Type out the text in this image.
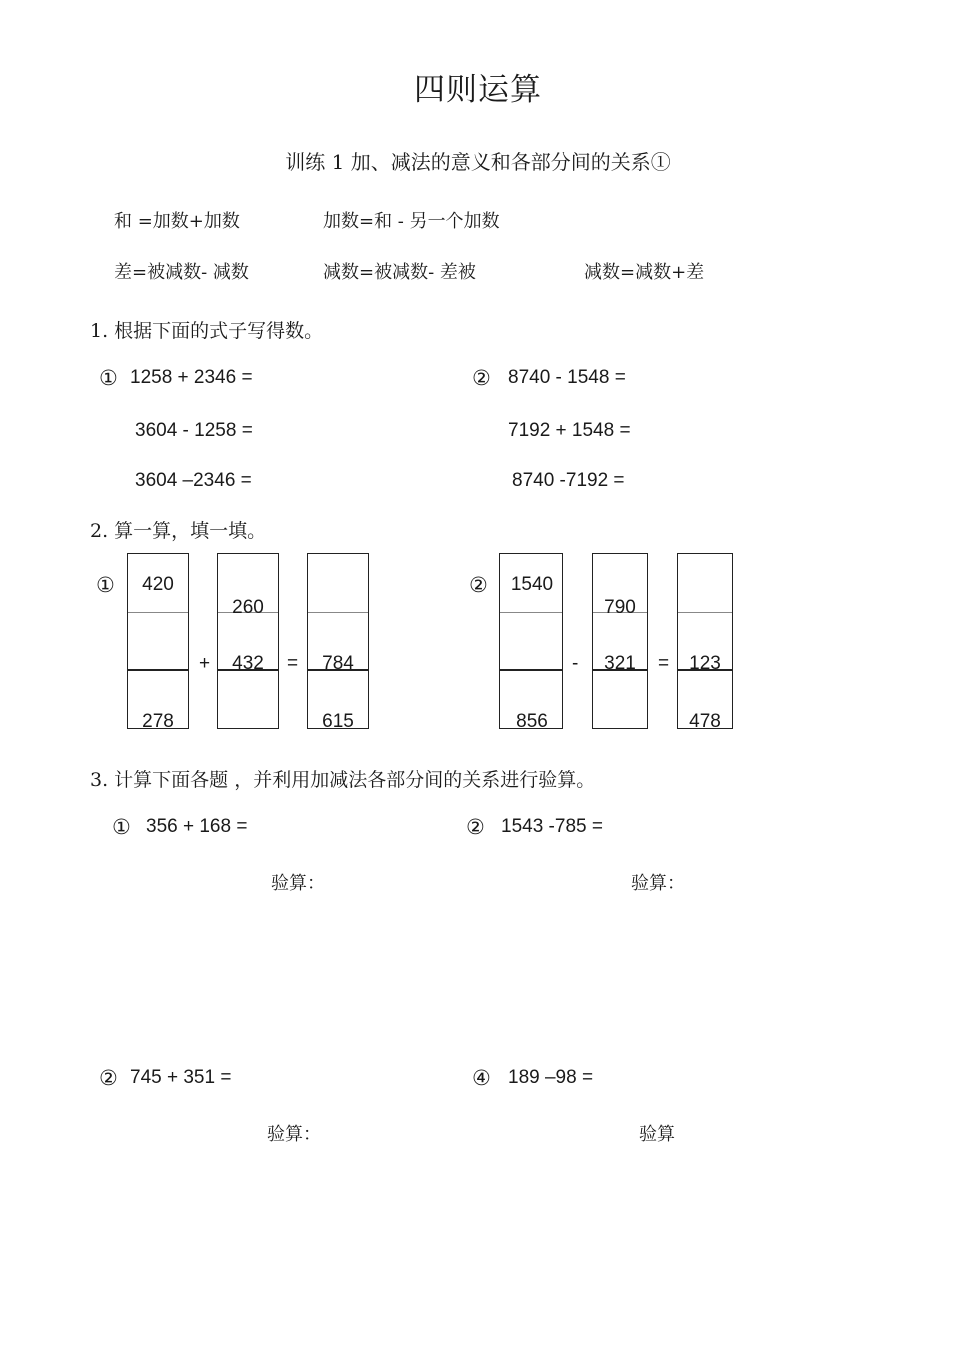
四则运算
训练 1 加、减法的意义和各部分间的关系①
和 =加数+加数	加数=和 - 另一个加数
差=被减数- 减数	减数=被减数- 差被	减数=减数+差
1. 根据下面的式子写得数。
① 1258 + 2346 =
3604 - 1258 =
3604 –2346 =
② 8740 - 1548 =
7192 + 1548 =
8740 -7192 =
2. 算一算，填一填。
①	420
278
+
260
432	=	784
615
②	1540
856
-
790
321	=	123
478
3. 计算下面各题 ，并利用加减法各部分间的关系进行验算。
① 356 + 168 =
验算：
② 1543 -785 =
验算：
② 745 + 351 =
验算：
④ 189 –98 =
验算
